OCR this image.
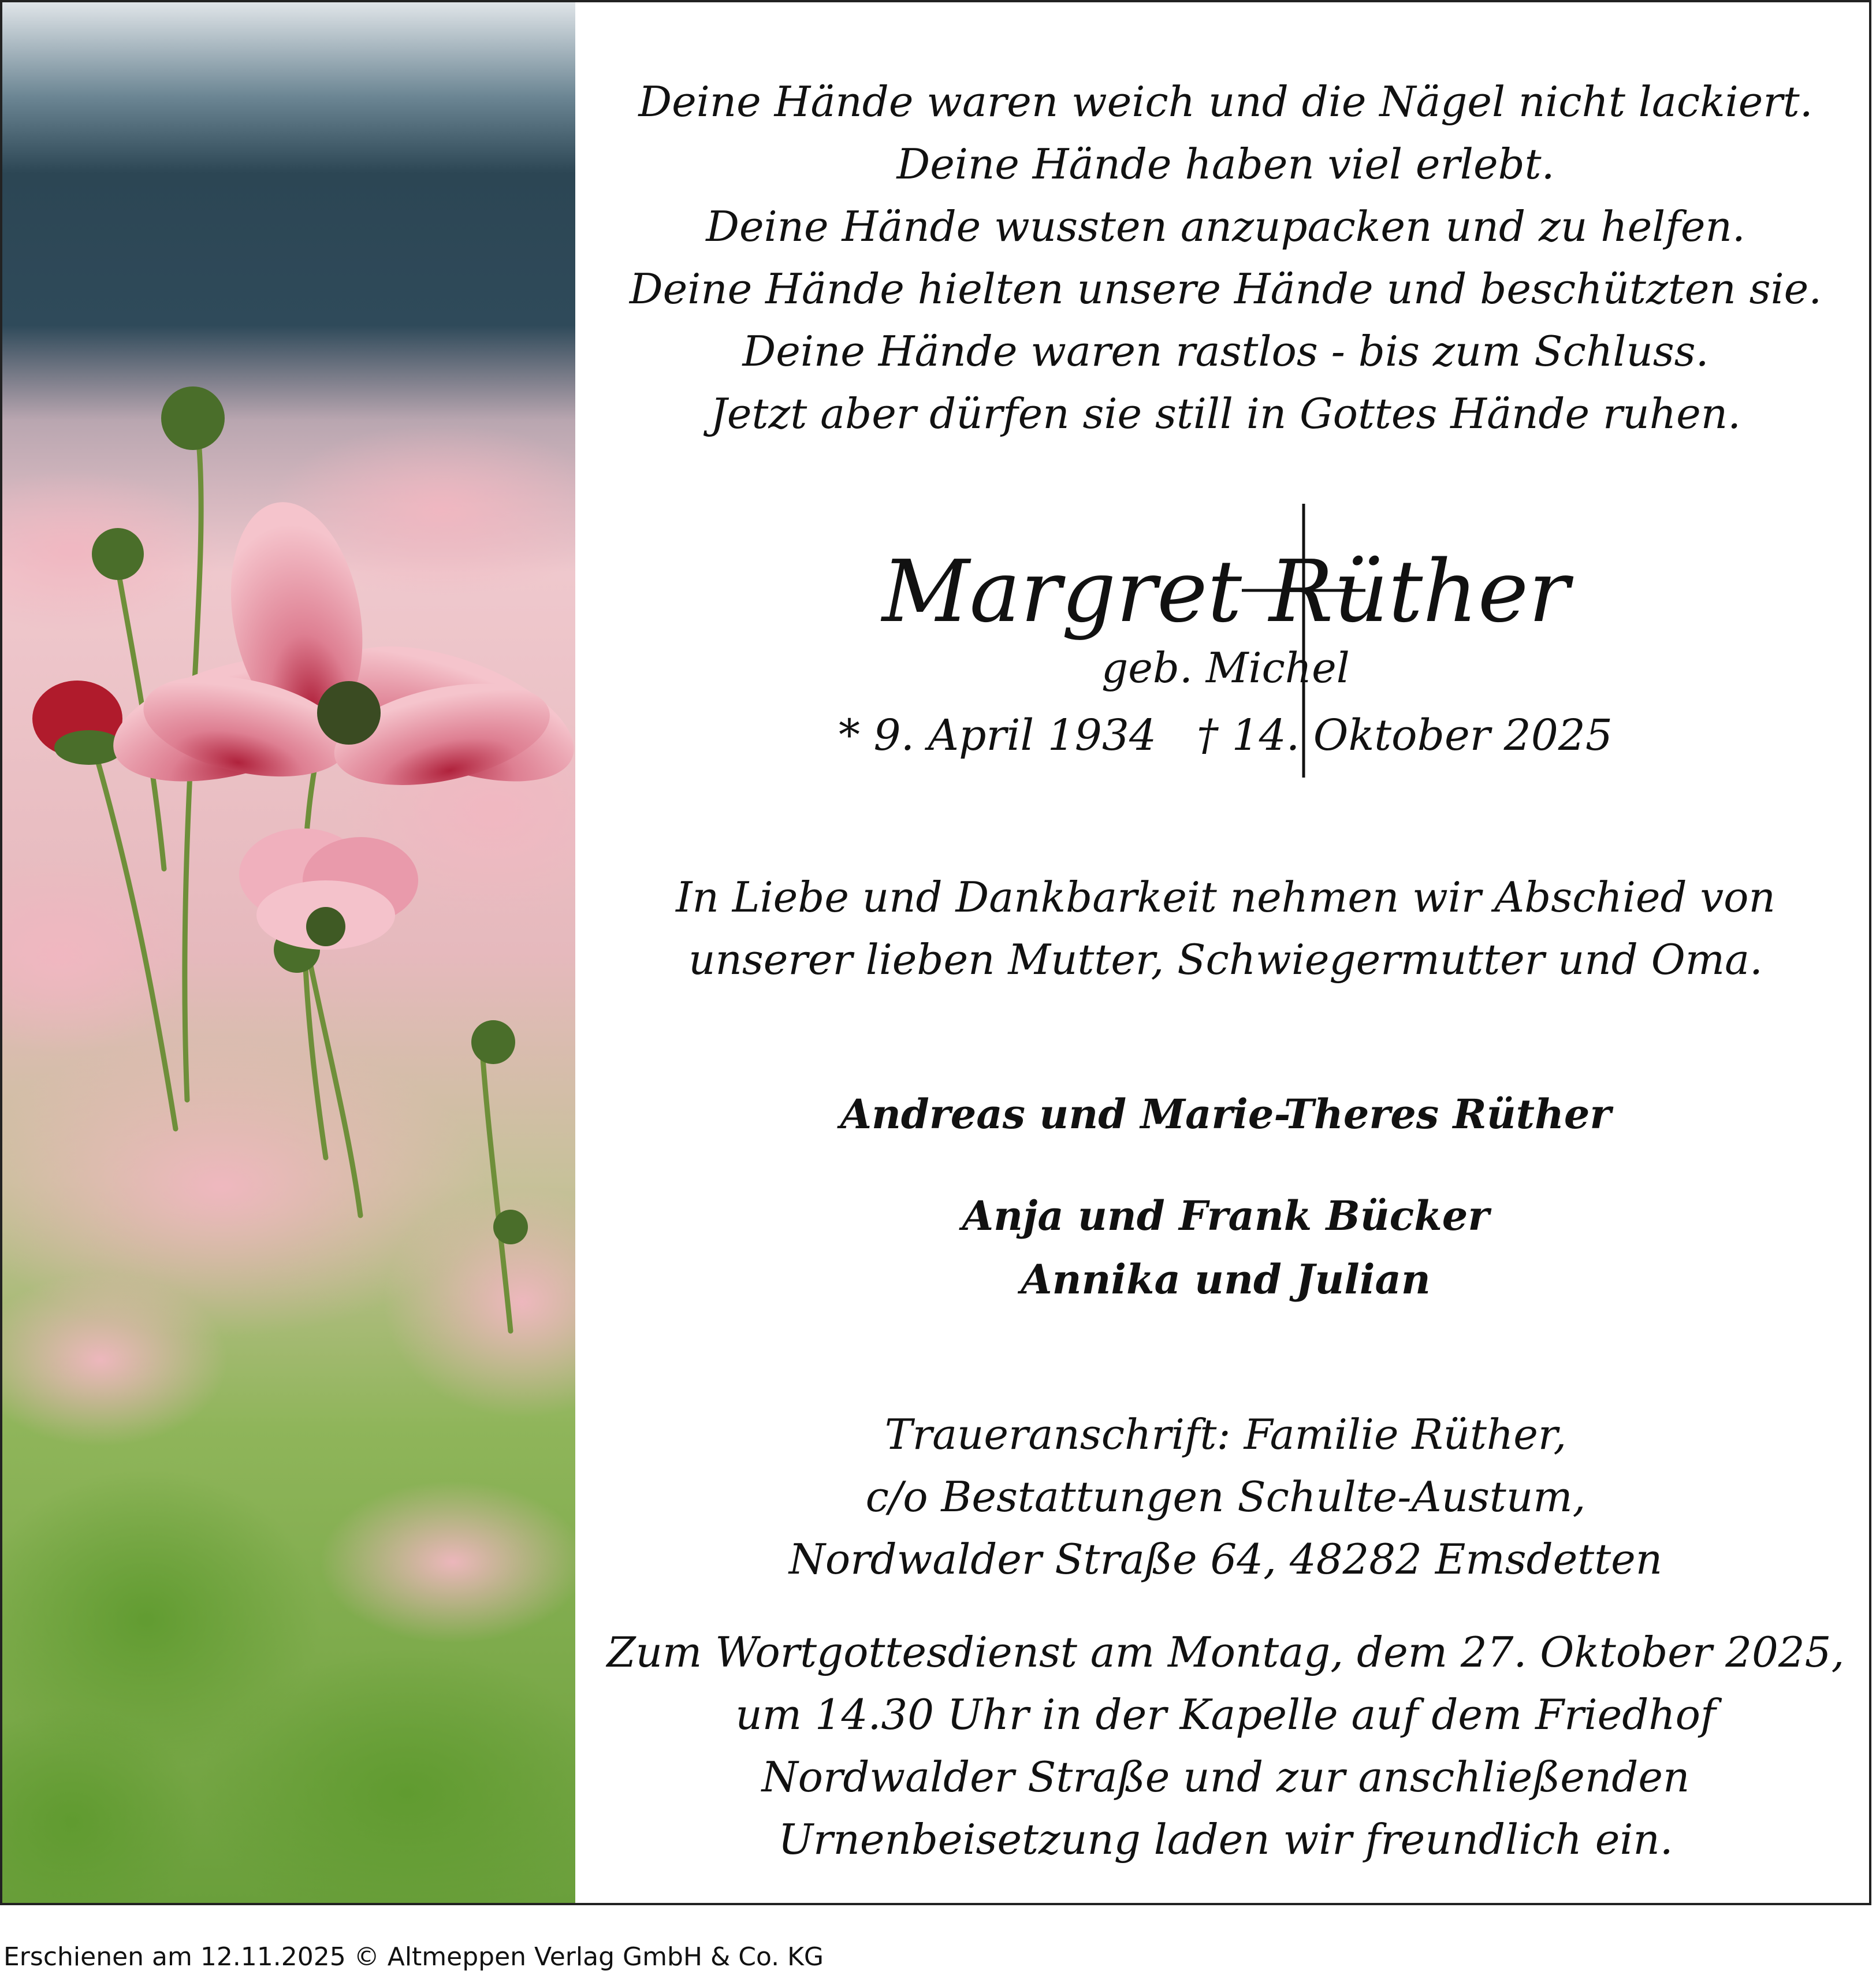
Deine Hände waren weich und die Nägel nicht lackiert.
Deine Hände haben viel erlebt.
Deine Hände wussten anzupacken und zu helfen.
Deine Hände hielten unsere Hände und beschützten sie.
Deine Hände waren rastlos - bis zum Schluss.
Jetzt aber dürfen sie still in Gottes Hände ruhen.
Margret Rüther
geb. Michel
* 9. April 1934 † 14. Oktober 2025
In Liebe und Dankbarkeit nehmen wir Abschied von
unserer lieben Mutter, Schwiegermutter und Oma.
Andreas und Marie-Theres Rüther
Anja und Frank Bücker
Annika und Julian
Traueranschrift: Familie Rüther,
c/o Bestattungen Schulte-Austum,
Nordwalder Straße 64, 48282 Emsdetten
Zum Wortgottesdienst am Montag, dem 27. Oktober 2025,
um 14.30 Uhr in der Kapelle auf dem Friedhof
Nordwalder Straße und zur anschließenden
Urnenbeisetzung laden wir freundlich ein.
Erschienen am 12.11.2025 © Altmeppen Verlag GmbH & Co. KG
